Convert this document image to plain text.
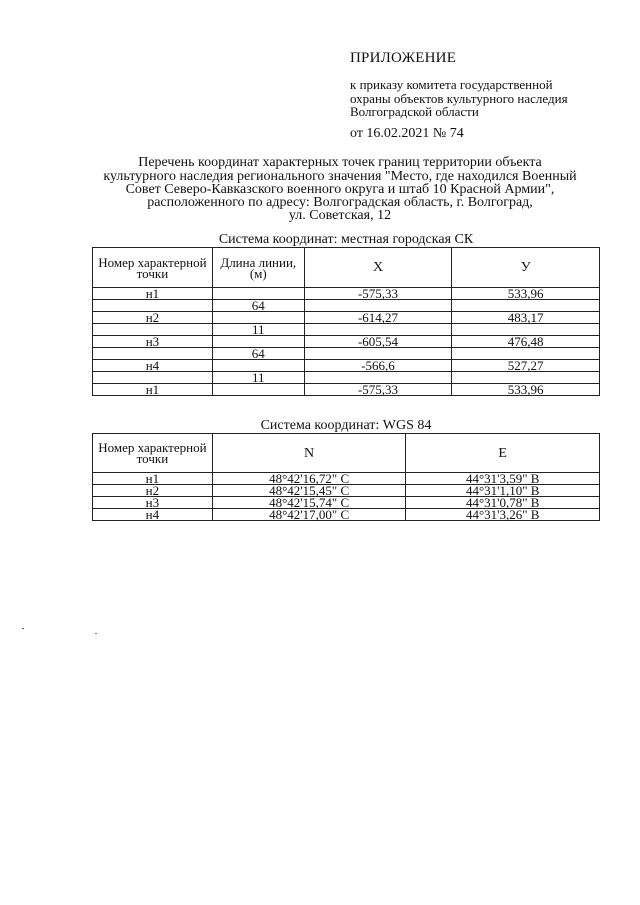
ПРИЛОЖЕНИЕ
к приказу комитета государственной
охраны объектов культурного наследия
Волгоградской области
от 16.02.2021 № 74
Перечень координат характерных точек границ территории объекта
культурного наследия регионального значения "Место, где находился Военный
Совет Северо-Кавказского военного округа и штаб 10 Красной Армии",
расположенного по адресу: Волгоградская область, г. Волгоград,
ул. Советская, 12
Система координат: местная городская СК
Номер характерной точки	Длина линии, (м)	X	У
н1		-575,33	533,96
	64		
н2		-614,27	483,17
	11		
н3		-605,54	476,48
	64		
н4		-566,6	527,27
	11		
н1		-575,33	533,96
Система координат: WGS 84
Номер характерной точки	N	E
н1	48°42'16,72" С	44°31'3,59" В
н2	48°42'15,45" С	44°31'1,10" В
н3	48°42'15,74" С	44°31'0,78" В
н4	48°42'17,00" С	44°31'3,26" В
